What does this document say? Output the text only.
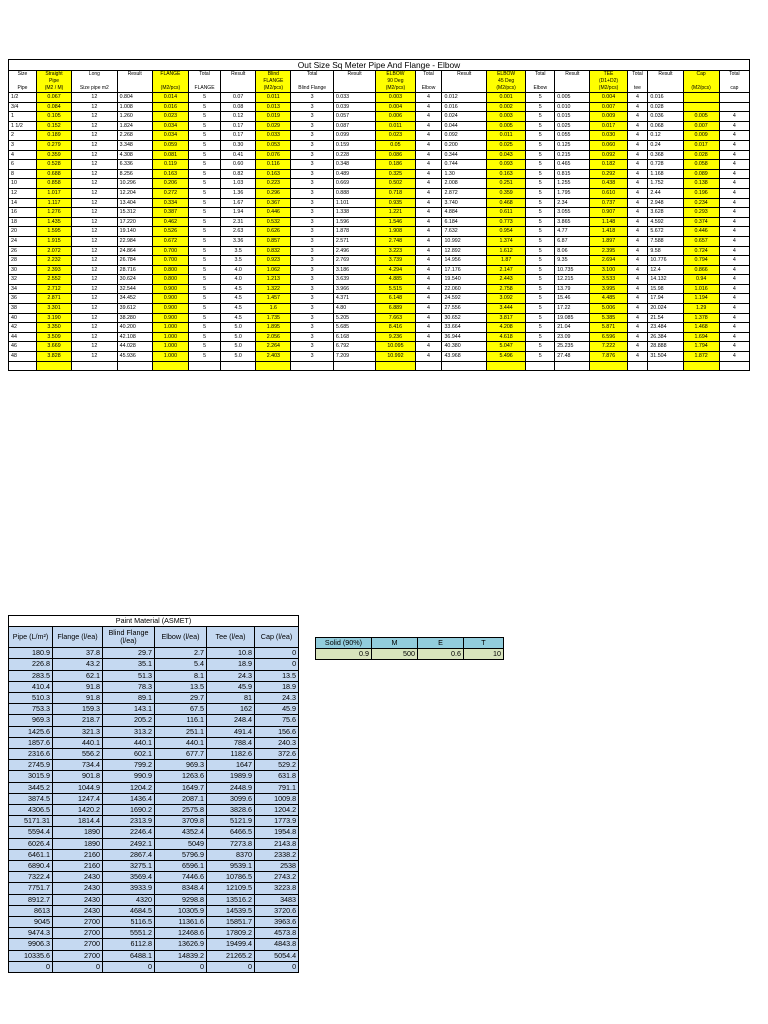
Out Size Sq Meter Pipe And Flange - Elbow																				
Size	Straight	Long	Result	FLANGE	Total	Result	Blind	Total	Result	ELBOW	Total	Result	ELBOW	Total	Result	TEE	Total	Result	Cap	Total
	Pipe						FLANGE			90 Deg			45 Deg			(D1+D2)				
Pipe	(M2 / M)	Size pipe m2		(M2/pcs)	FLANGE		(M2/pcs)	Blind Flange		(M2/pcs)	Elbow		(M2/pcs)	Elbow		(M2/pcs)	tee		(M2/pcs)	cap
1/2	0.067	12	0.804	0.014	5	0.07	0.011	3	0.033	0.003	4	0.012	0.001	5	0.005	0.004	4	0.016		
3/4	0.084	12	1.008	0.016	5	0.08	0.013	3	0.039	0.004	4	0.016	0.002	5	0.010	0.007	4	0.028		
1	0.105	12	1.260	0.023	5	0.12	0.019	3	0.057	0.006	4	0.024	0.003	5	0.015	0.009	4	0.036	0.005	4
1 1/2	0.152	12	1.824	0.034	5	0.17	0.029	3	0.087	0.011	4	0.044	0.005	5	0.025	0.017	4	0.068	0.007	4
2	0.189	12	2.268	0.034	5	0.17	0.033	3	0.099	0.023	4	0.092	0.011	5	0.055	0.030	4	0.12	0.009	4
3	0.279	12	3.348	0.059	5	0.30	0.053	3	0.159	0.05	4	0.200	0.025	5	0.125	0.060	4	0.24	0.017	4
4	0.359	12	4.308	0.081	5	0.41	0.076	3	0.228	0.086	4	0.344	0.043	5	0.215	0.092	4	0.368	0.028	4
6	0.528	12	6.336	0.119	5	0.60	0.116	3	0.348	0.186	4	0.744	0.093	5	0.465	0.182	4	0.728	0.058	4
8	0.688	12	8.256	0.163	5	0.82	0.163	3	0.489	0.325	4	1.30	0.163	5	0.815	0.292	4	1.168	0.089	4
10	0.858	12	10.296	0.206	5	1.03	0.223	3	0.669	0.502	4	2.008	0.251	5	1.255	0.438	4	1.752	0.138	4
12	1.017	12	12.204	0.272	5	1.36	0.296	3	0.888	0.718	4	2.872	0.359	5	1.795	0.610	4	2.44	0.196	4
14	1.117	12	13.404	0.334	5	1.67	0.367	3	1.101	0.935	4	3.740	0.468	5	2.34	0.737	4	2.948	0.234	4
16	1.276	12	15.312	0.387	5	1.94	0.446	3	1.338	1.221	4	4.884	0.611	5	3.055	0.907	4	3.628	0.293	4
18	1.435	12	17.220	0.462	5	2.31	0.532	3	1.596	1.546	4	6.184	0.773	5	3.865	1.148	4	4.592	0.374	4
20	1.595	12	19.140	0.526	5	2.63	0.626	3	1.878	1.908	4	7.632	0.954	5	4.77	1.418	4	5.672	0.446	4
24	1.915	12	22.984	0.672	5	3.36	0.857	3	2.571	2.748	4	10.992	1.374	5	6.87	1.897	4	7.588	0.657	4
26	2.072	12	24.864	0.700	5	3.5	0.832	3	2.496	3.223	4	12.892	1.612	5	8.06	2.395	4	9.58	0.724	4
28	2.232	12	26.784	0.700	5	3.5	0.923	3	2.769	3.739	4	14.956	1.87	5	9.35	2.694	4	10.776	0.794	4
30	2.393	12	28.716	0.800	5	4.0	1.062	3	3.186	4.294	4	17.176	2.147	5	10.735	3.100	4	12.4	0.866	4
32	2.552	12	30.624	0.800	5	4.0	1.213	3	3.639	4.885	4	19.540	2.443	5	12.215	3.533	4	14.132	0.94	4
34	2.712	12	32.544	0.900	5	4.5	1.322	3	3.966	5.515	4	22.060	2.758	5	13.79	3.995	4	15.98	1.016	4
36	2.871	12	34.452	0.900	5	4.5	1.457	3	4.371	6.148	4	24.592	3.092	5	15.46	4.485	4	17.94	1.194	4
38	3.301	12	39.612	0.900	5	4.5	1.6	3	4.80	6.889	4	27.556	3.444	5	17.22	5.006	4	20.024	1.29	4
40	3.190	12	38.280	0.900	5	4.5	1.735	3	5.205	7.663	4	30.652	3.817	5	19.085	5.385	4	21.54	1.378	4
42	3.350	12	40.200	1.000	5	5.0	1.895	3	5.685	8.416	4	33.664	4.208	5	21.04	5.871	4	23.484	1.468	4
44	3.509	12	42.108	1.000	5	5.0	2.056	3	6.168	9.236	4	36.944	4.618	5	23.09	6.596	4	26.384	1.694	4
46	3.669	12	44.028	1.000	5	5.0	2.264	3	6.792	10.095	4	40.380	5.047	5	25.235	7.222	4	28.888	1.794	4
48	3.828	12	45.936	1.000	5	5.0	2.403	3	7.209	10.992	4	43.968	5.496	5	27.48	7.876	4	31.504	1.872	4

Paint Material (ASMET)					
Pipe (L/m²)	Flange (l/ea)	Blind Flange (l/ea)	Elbow (l/ea)	Tee (l/ea)	Cap (l/ea)
180.9	37.8	29.7	2.7	10.8	0
226.8	43.2	35.1	5.4	18.9	0
283.5	62.1	51.3	8.1	24.3	13.5
410.4	91.8	78.3	13.5	45.9	18.9
510.3	91.8	89.1	29.7	81	24.3
753.3	159.3	143.1	67.5	162	45.9
969.3	218.7	205.2	116.1	248.4	75.6
1425.6	321.3	313.2	251.1	491.4	156.6
1857.6	440.1	440.1	440.1	788.4	240.3
2316.6	556.2	602.1	677.7	1182.6	372.6
2745.9	734.4	799.2	969.3	1647	529.2
3015.9	901.8	990.9	1263.6	1989.9	631.8
3445.2	1044.9	1204.2	1649.7	2448.9	791.1
3874.5	1247.4	1436.4	2087.1	3099.6	1009.8
4306.5	1420.2	1690.2	2575.8	3828.6	1204.2
5171.31	1814.4	2313.9	3709.8	5121.9	1773.9
5594.4	1890	2246.4	4352.4	6466.5	1954.8
6026.4	1890	2492.1	5049	7273.8	2143.8
6461.1	2160	2867.4	5796.9	8370	2338.2
6890.4	2160	3275.1	6596.1	9539.1	2538
7322.4	2430	3569.4	7446.6	10786.5	2743.2
7751.7	2430	3933.9	8348.4	12109.5	3223.8
8912.7	2430	4320	9298.8	13516.2	3483
8613	2430	4684.5	10305.9	14539.5	3720.6
9045	2700	5116.5	11361.6	15851.7	3963.6
9474.3	2700	5551.2	12468.6	17809.2	4573.8
9906.3	2700	6112.8	13626.9	19499.4	4843.8
10335.6	2700	6488.1	14839.2	21265.2	5054.4
0	0	0	0	0	0
Solid (90%)	M	E	T
0.9	500	0.6	10
